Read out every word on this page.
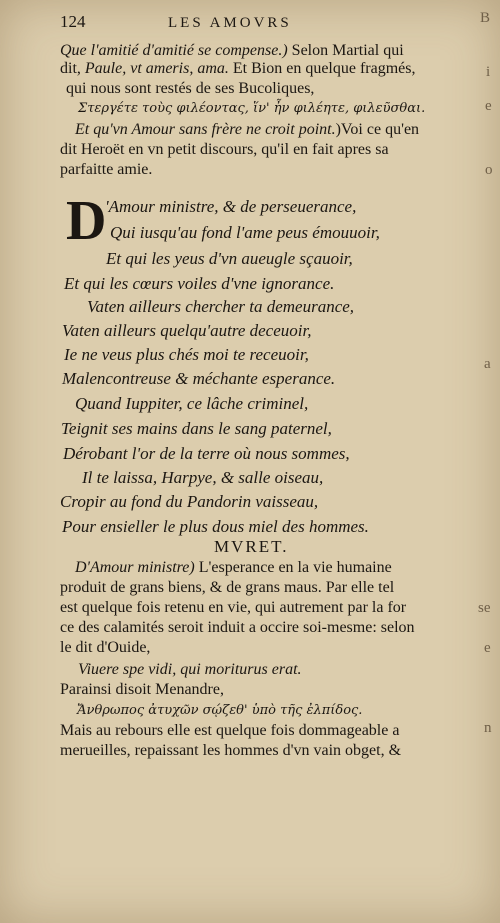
124	LES AMOVRS
Que l'amitié d'amitié se compense.) Selon Martial qui
dit, Paule, vt ameris, ama. Et Bion en quelque fragmés,
qui nous sont restés de ses Bucoliques,
Στεργέτε τοὺς φιλέοντας, ἵν' ἦν φιλέητε, φιλεῦσθαι.
Et qu'vn Amour sans frère ne croit point.)Voi ce qu'en
dit Heroët en vn petit discours, qu'il en fait apres sa
parfaitte amie.
D
'Amour ministre, & de perseuerance,
Qui iusqu'au fond l'ame peus émouuoir,
Et qui les yeus d'vn aueugle sçauoir,
Et qui les cœurs voiles d'vne ignorance.
Vaten ailleurs chercher ta demeurance,
Vaten ailleurs quelqu'autre deceuoir,
Ie ne veus plus chés moi te receuoir,
Malencontreuse & méchante esperance.
Quand Iuppiter, ce lâche criminel,
Teignit ses mains dans le sang paternel,
Dérobant l'or de la terre où nous sommes,
Il te laissa, Harpye, & salle oiseau,
Cropir au fond du Pandorin vaisseau,
Pour ensieller le plus dous miel des hommes.
MVRET.
D'Amour ministre) L'esperance en la vie humaine
produit de grans biens, & de grans maus. Par elle tel
est quelque fois retenu en vie, qui autrement par la for
ce des calamités seroit induit a occire soi-mesme: selon
le dit d'Ouide,
Viuere spe vidi, qui moriturus erat.
Parainsi disoit Menandre,
Ἄνθρωπος ἀτυχῶν σῴζεθ' ὑπὸ τῆς ἐλπίδος.
Mais au rebours elle est quelque fois dommageable a
merueilles, repaissant les hommes d'vn vain obget, &
B
i
e
o
a
se
e
n
